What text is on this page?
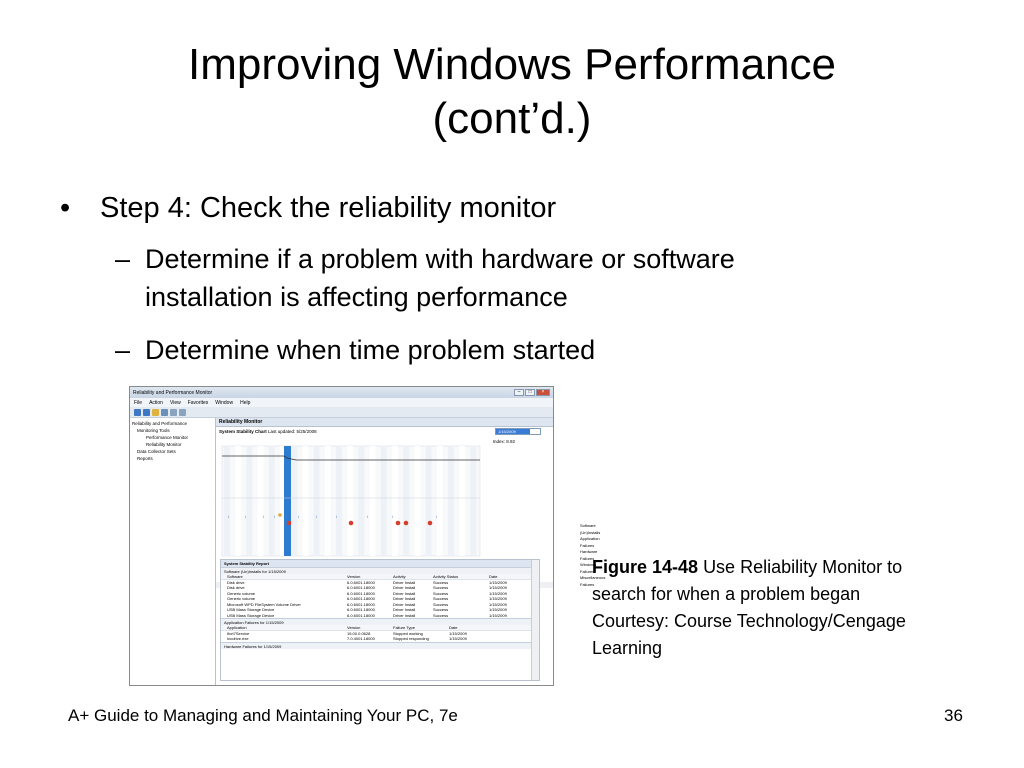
Improving Windows Performance
(cont’d.)
• Step 4: Check the reliability monitor
– Determine if a problem with hardware or software
installation is affecting performance
– Determine when time problem started
Reliability and Performance Monitor	–	□	×
File Action View Favorites Window Help
Reliability and Performance
Monitoring Tools
Performance Monitor
Reliability Monitor
Data Collector Sets
Reports
Reliability Monitor
System Stability Chart Last updated: 5/25/2008	1/15/2009
Index: 8.92
i	i	i	i	i i	i	i	i	i	i
Software (Un)Installs
Application Failures
Hardware Failures
Windows Failures
Miscellaneous Failures
System Stability Report
Software (Un)Installs for 1/15/2009
Software	Version	Activity	Activity Status	Date
Disk drive	6.0.6001.18000	Driver Install	Success	1/15/2009
Disk drive	6.0.6001.18000	Driver Install	Success	1/15/2009
Generic volume	6.0.6001.18000	Driver Install	Success	1/15/2009
Generic volume	6.0.6001.18000	Driver Install	Success	1/15/2009
Microsoft WPD FileSystem Volume Driver	6.0.6001.18000	Driver Install	Success	1/15/2009
USB Mass Storage Device	6.0.6001.18000	Driver Install	Success	1/15/2009
USB Mass Storage Device	6.0.6001.18000	Driver Install	Success	1/15/2009
Application Failures for 1/15/2009
Application	Version	Failure Type	Date
Ifcrt7Service	15.00.0.0628	Stopped working	1/15/2009
Incdrive.exe	7.0.4001.18000	Stopped responding	1/15/2009
Hardware Failures for 1/15/2009
Figure 14-48 Use Reliability Monitor to search for when a problem began
Courtesy: Course Technology/Cengage Learning
A+ Guide to Managing and Maintaining Your PC, 7e	36
